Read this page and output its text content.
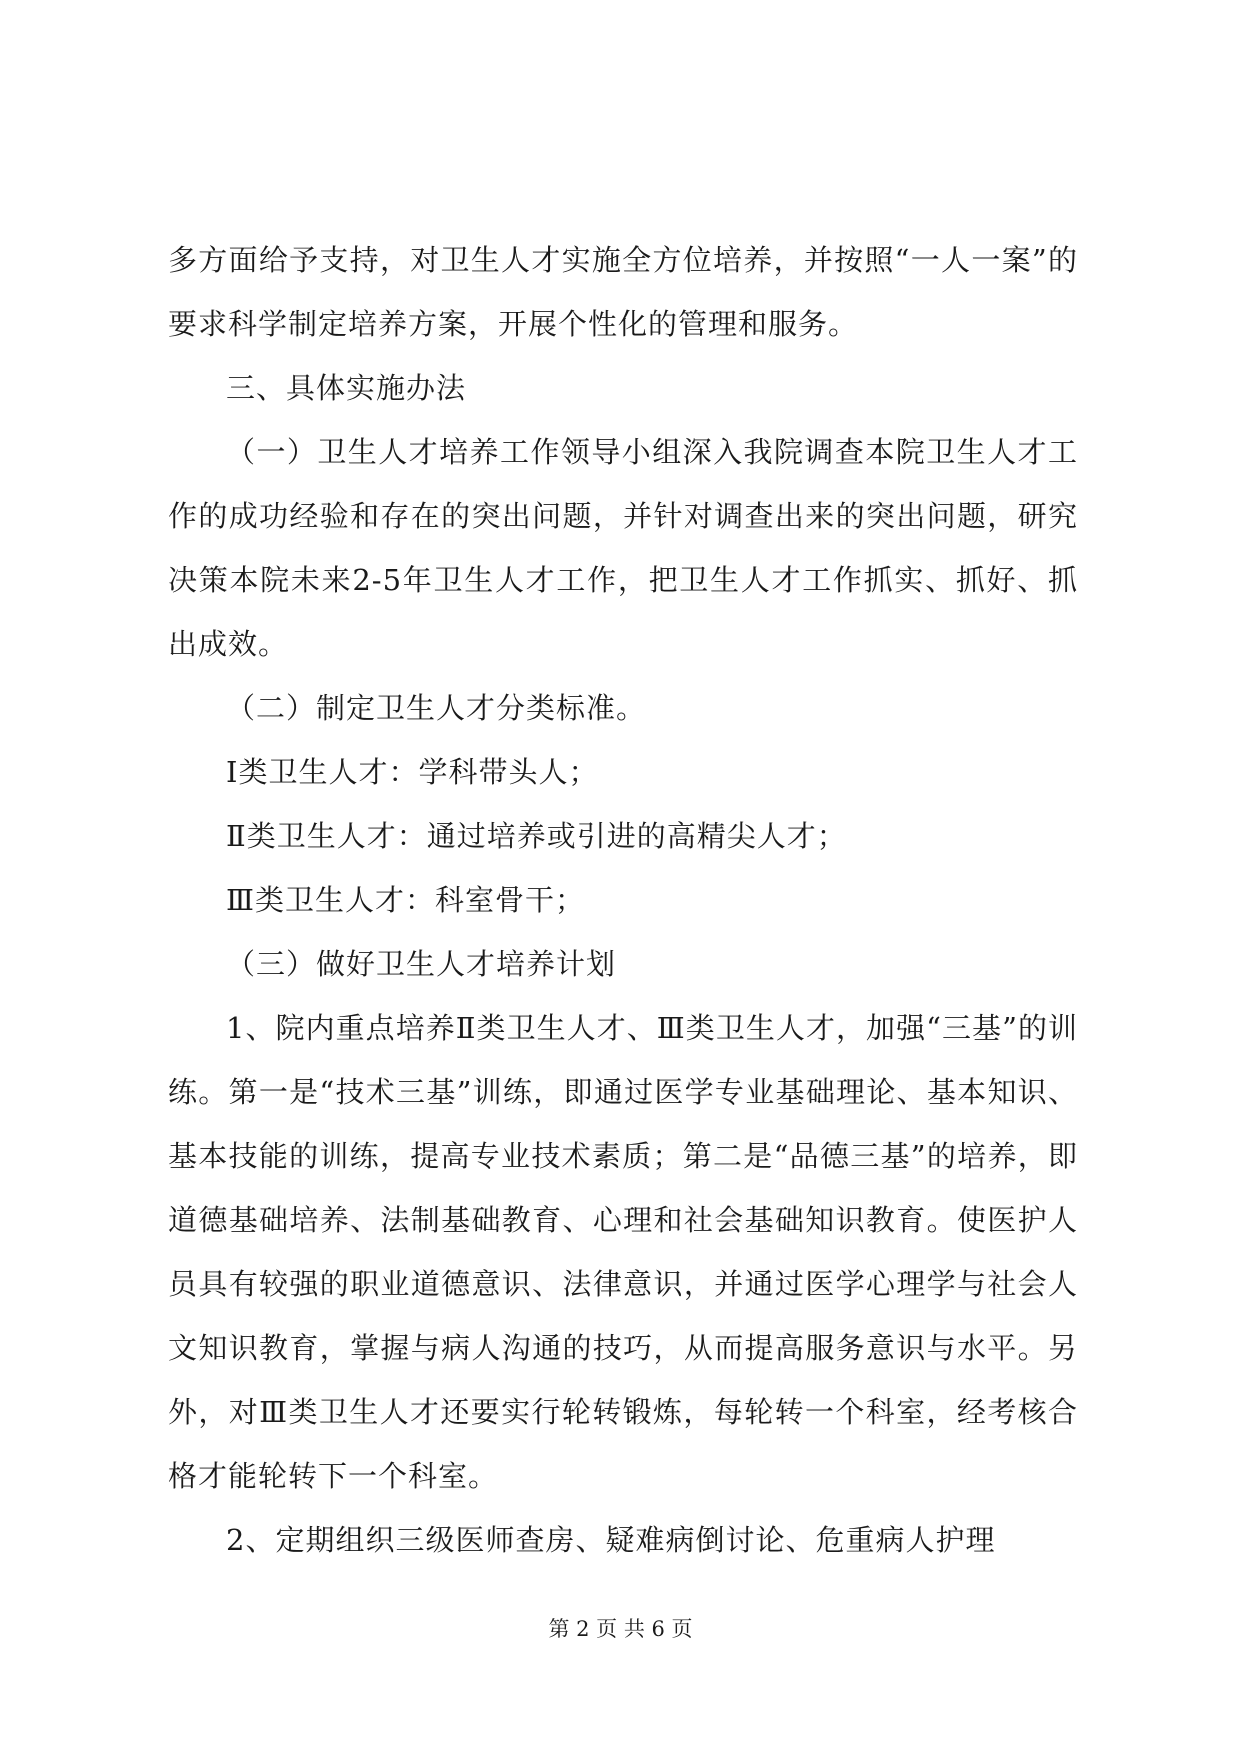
多方面给予支持，对卫生人才实施全方位培养，并按照“一人一案”的要求科学制定培养方案，开展个性化的管理和服务。

三、具体实施办法

（一）卫生人才培养工作领导小组深入我院调查本院卫生人才工作的成功经验和存在的突出问题，并针对调查出来的突出问题，研究决策本院未来2-5年卫生人才工作，把卫生人才工作抓实、抓好、抓出成效。

（二）制定卫生人才分类标准。

Ⅰ类卫生人才：学科带头人；

Ⅱ类卫生人才：通过培养或引进的高精尖人才；

Ⅲ类卫生人才：科室骨干；

（三）做好卫生人才培养计划

1、院内重点培养Ⅱ类卫生人才、Ⅲ类卫生人才，加强“三基”的训练。第一是“技术三基”训练，即通过医学专业基础理论、基本知识、基本技能的训练，提高专业技术素质；第二是“品德三基”的培养，即道德基础培养、法制基础教育、心理和社会基础知识教育。使医护人员具有较强的职业道德意识、法律意识，并通过医学心理学与社会人文知识教育，掌握与病人沟通的技巧，从而提高服务意识与水平。另外，对Ⅲ类卫生人才还要实行轮转锻炼，每轮转一个科室，经考核合格才能轮转下一个科室。

2、定期组织三级医师查房、疑难病倒讨论、危重病人护理

第 2 页 共 6 页
